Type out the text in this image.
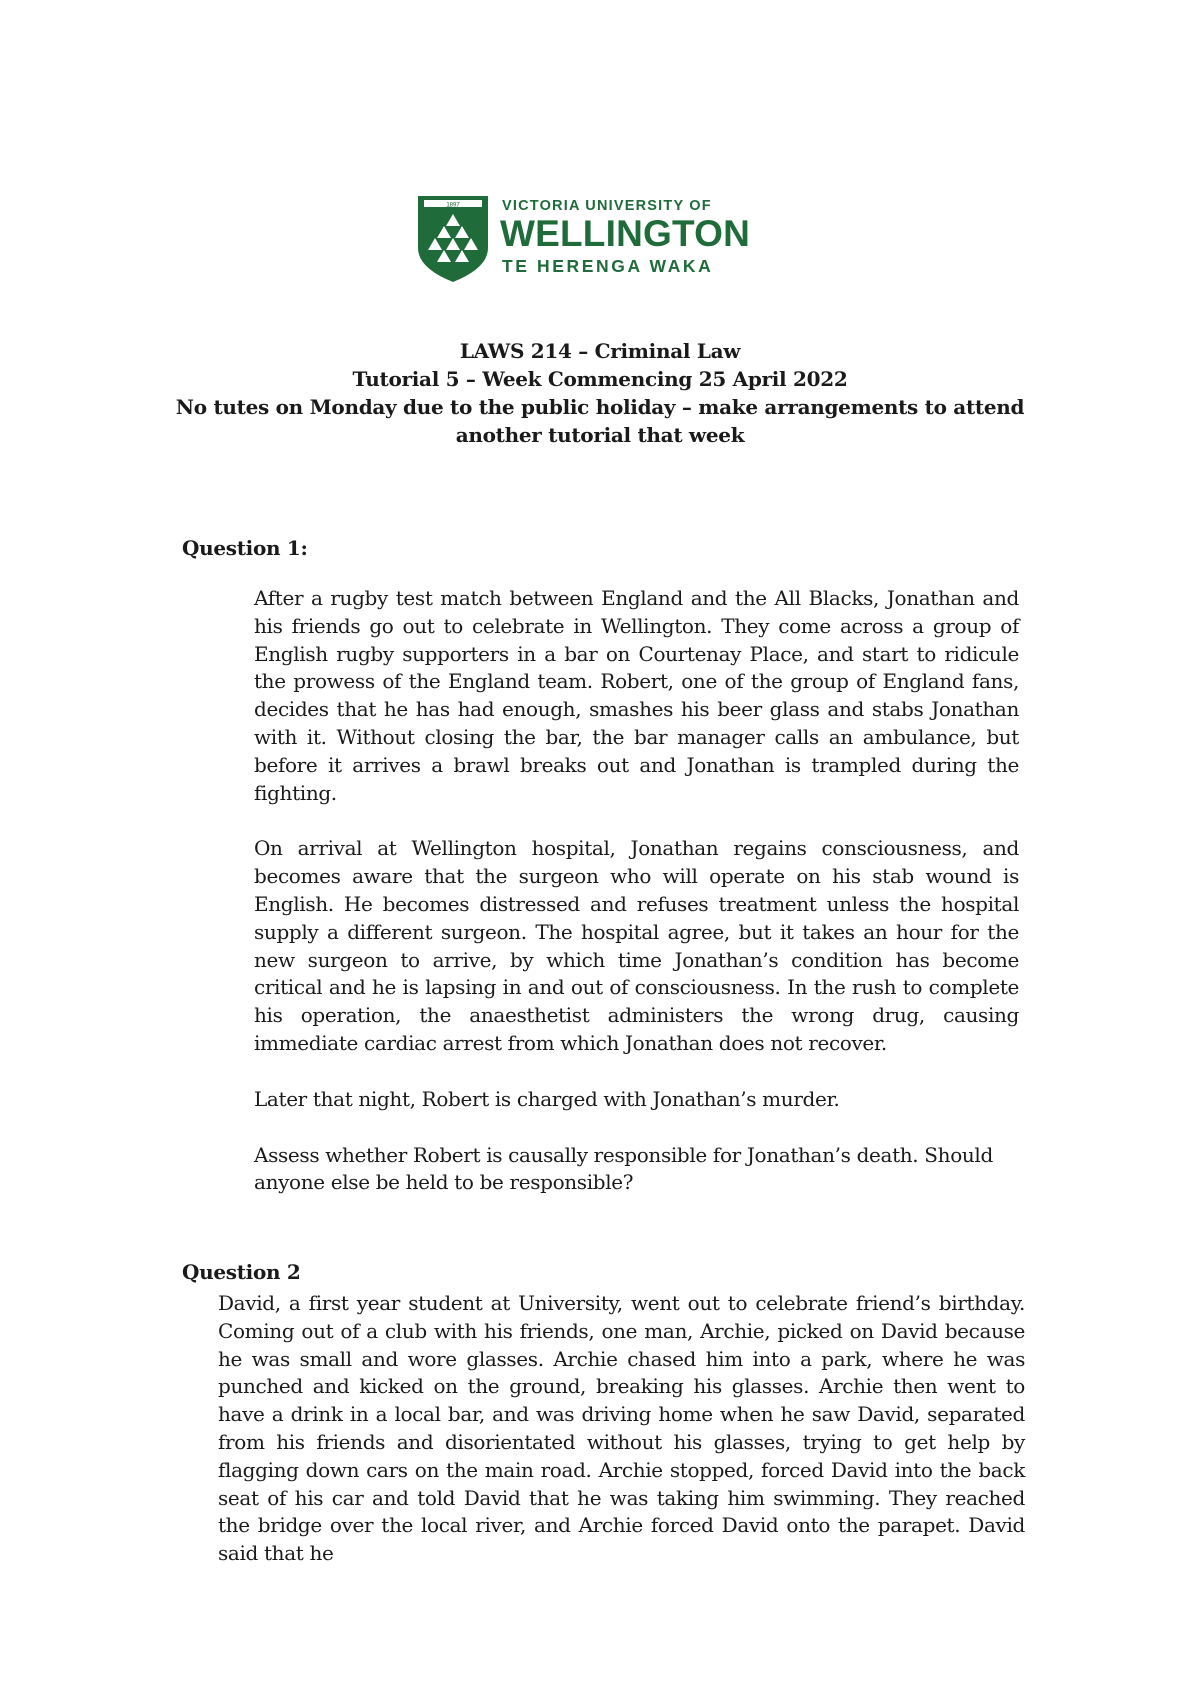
1897	VICTORIA UNIVERSITY OF
WELLINGTON
TE HERENGA WAKA
LAWS 214 – Criminal Law
Tutorial 5 – Week Commencing 25 April 2022
No tutes on Monday due to the public holiday – make arrangements to attend
another tutorial that week
Question 1:

After a rugby test match between England and the All Blacks, Jonathan and his friends go out to celebrate in Wellington. They come across a group of English rugby supporters in a bar on Courtenay Place, and start to ridicule the prowess of the England team. Robert, one of the group of England fans, decides that he has had enough, smashes his beer glass and stabs Jonathan with it. Without closing the bar, the bar manager calls an ambulance, but before it arrives a brawl breaks out and Jonathan is trampled during the fighting.

On arrival at Wellington hospital, Jonathan regains consciousness, and becomes aware that the surgeon who will operate on his stab wound is English. He becomes distressed and refuses treatment unless the hospital supply a different surgeon. The hospital agree, but it takes an hour for the new surgeon to arrive, by which time Jonathan’s condition has become critical and he is lapsing in and out of consciousness. In the rush to complete his operation, the anaesthetist administers the wrong drug, causing immediate cardiac arrest from which Jonathan does not recover.

Later that night, Robert is charged with Jonathan’s murder.

Assess whether Robert is causally responsible for Jonathan’s death. Should anyone else be held to be responsible?

Question 2

David, a first year student at University, went out to celebrate friend’s birthday. Coming out of a club with his friends, one man, Archie, picked on David because he was small and wore glasses. Archie chased him into a park, where he was punched and kicked on the ground, breaking his glasses. Archie then went to have a drink in a local bar, and was driving home when he saw David, separated from his friends and disorientated without his glasses, trying to get help by flagging down cars on the main road. Archie stopped, forced David into the back seat of his car and told David that he was taking him swimming. They reached the bridge over the local river, and Archie forced David onto the parapet. David said that he
